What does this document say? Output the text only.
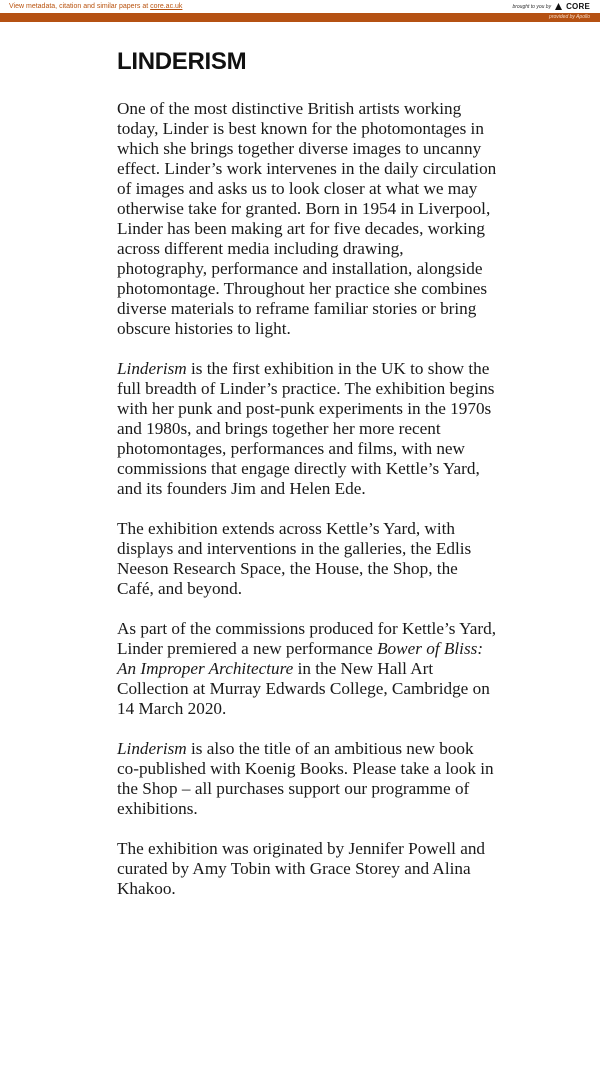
View metadata, citation and similar papers at core.ac.uk	brought to you by CORE
provided by Apollo
LINDERISM

One of the most distinctive British artists working today, Linder is best known for the photomontages in which she brings together diverse images to uncanny effect. Linder’s work intervenes in the daily circulation of images and asks us to look closer at what we may otherwise take for granted. Born in 1954 in Liverpool, Linder has been making art for five decades, working across different media including drawing, photography, performance and installation, alongside photomontage. Throughout her practice she combines diverse materials to reframe familiar stories or bring obscure histories to light.

Linderism is the first exhibition in the UK to show the full breadth of Linder’s practice. The exhibition begins with her punk and post-punk experiments in the 1970s and 1980s, and brings together her more recent photomontages, performances and films, with new commissions that engage directly with Kettle’s Yard, and its founders Jim and Helen Ede.

The exhibition extends across Kettle’s Yard, with displays and interventions in the galleries, the Edlis Neeson Research Space, the House, the Shop, the Café, and beyond.

As part of the commissions produced for Kettle’s Yard, Linder premiered a new performance Bower of Bliss: An Improper Architecture in the New Hall Art Collection at Murray Edwards College, Cambridge on 14 March 2020.

Linderism is also the title of an ambitious new book co-published with Koenig Books. Please take a look in the Shop – all purchases support our programme of exhibitions.

The exhibition was originated by Jennifer Powell and curated by Amy Tobin with Grace Storey and Alina Khakoo.
